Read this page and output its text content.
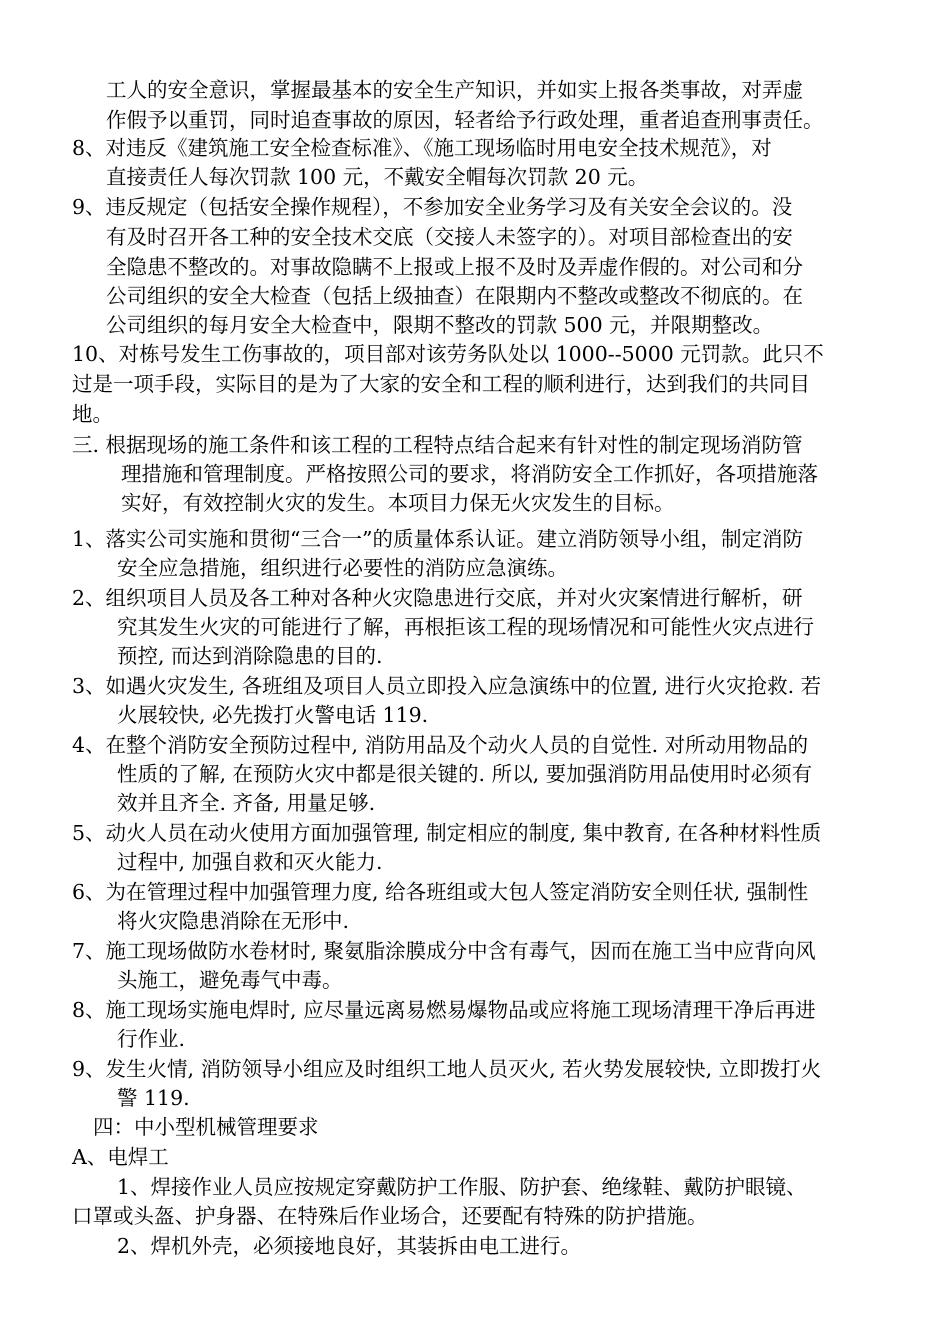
工人的安全意识，掌握最基本的安全生产知识，并如实上报各类事故，对弄虚
作假予以重罚，同时追查事故的原因，轻者给予行政处理，重者追查刑事责任。
8、对违反《建筑施工安全检查标准》、《施工现场临时用电安全技术规范》，对
直接责任人每次罚款 100 元，不戴安全帽每次罚款 20 元。
9、违反规定（包括安全操作规程），不参加安全业务学习及有关安全会议的。没
有及时召开各工种的安全技术交底（交接人未签字的）。对项目部检查出的安
全隐患不整改的。对事故隐瞒不上报或上报不及时及弄虚作假的。对公司和分
公司组织的安全大检查（包括上级抽查）在限期内不整改或整改不彻底的。在
公司组织的每月安全大检查中，限期不整改的罚款 500 元，并限期整改。
10、对栋号发生工伤事故的，项目部对该劳务队处以 1000--5000 元罚款。此只不
过是一项手段，实际目的是为了大家的安全和工程的顺利进行，达到我们的共同目
地。
三. 根据现场的施工条件和该工程的工程特点结合起来有针对性的制定现场消防管
理措施和管理制度。严格按照公司的要求，将消防安全工作抓好，各项措施落
实好，有效控制火灾的发生。本项目力保无火灾发生的目标。
1、落实公司实施和贯彻“三合一”的质量体系认证。建立消防领导小组，制定消防
安全应急措施，组织进行必要性的消防应急演练。
2、组织项目人员及各工种对各种火灾隐患进行交底，并对火灾案情进行解析，研
究其发生火灾的可能进行了解，再根拒该工程的现场情况和可能性火灾点进行
预控, 而达到消除隐患的目的.
3、如遇火灾发生, 各班组及项目人员立即投入应急演练中的位置, 进行火灾抢救. 若
火展较快, 必先拨打火警电话 119.
4、在整个消防安全预防过程中, 消防用品及个动火人员的自觉性. 对所动用物品的
性质的了解, 在预防火灾中都是很关键的. 所以, 要加强消防用品使用时必须有
效并且齐全. 齐备, 用量足够.
5、动火人员在动火使用方面加强管理, 制定相应的制度, 集中教育, 在各种材料性质
过程中, 加强自救和灭火能力.
6、为在管理过程中加强管理力度, 给各班组或大包人签定消防安全则任状, 强制性
将火灾隐患消除在无形中.
7、施工现场做防水卷材时, 聚氨脂涂膜成分中含有毒气，因而在施工当中应背向风
头施工，避免毒气中毒。
8、施工现场实施电焊时, 应尽量远离易燃易爆物品或应将施工现场清理干净后再进
行作业.
9、发生火情, 消防领导小组应及时组织工地人员灭火, 若火势发展较快, 立即拨打火
警 119.
四：中小型机械管理要求
A、电焊工
1、焊接作业人员应按规定穿戴防护工作服、防护套、绝缘鞋、戴防护眼镜、
口罩或头盔、护身器、在特殊后作业场合，还要配有特殊的防护措施。
2、焊机外壳，必须接地良好，其装拆由电工进行。
